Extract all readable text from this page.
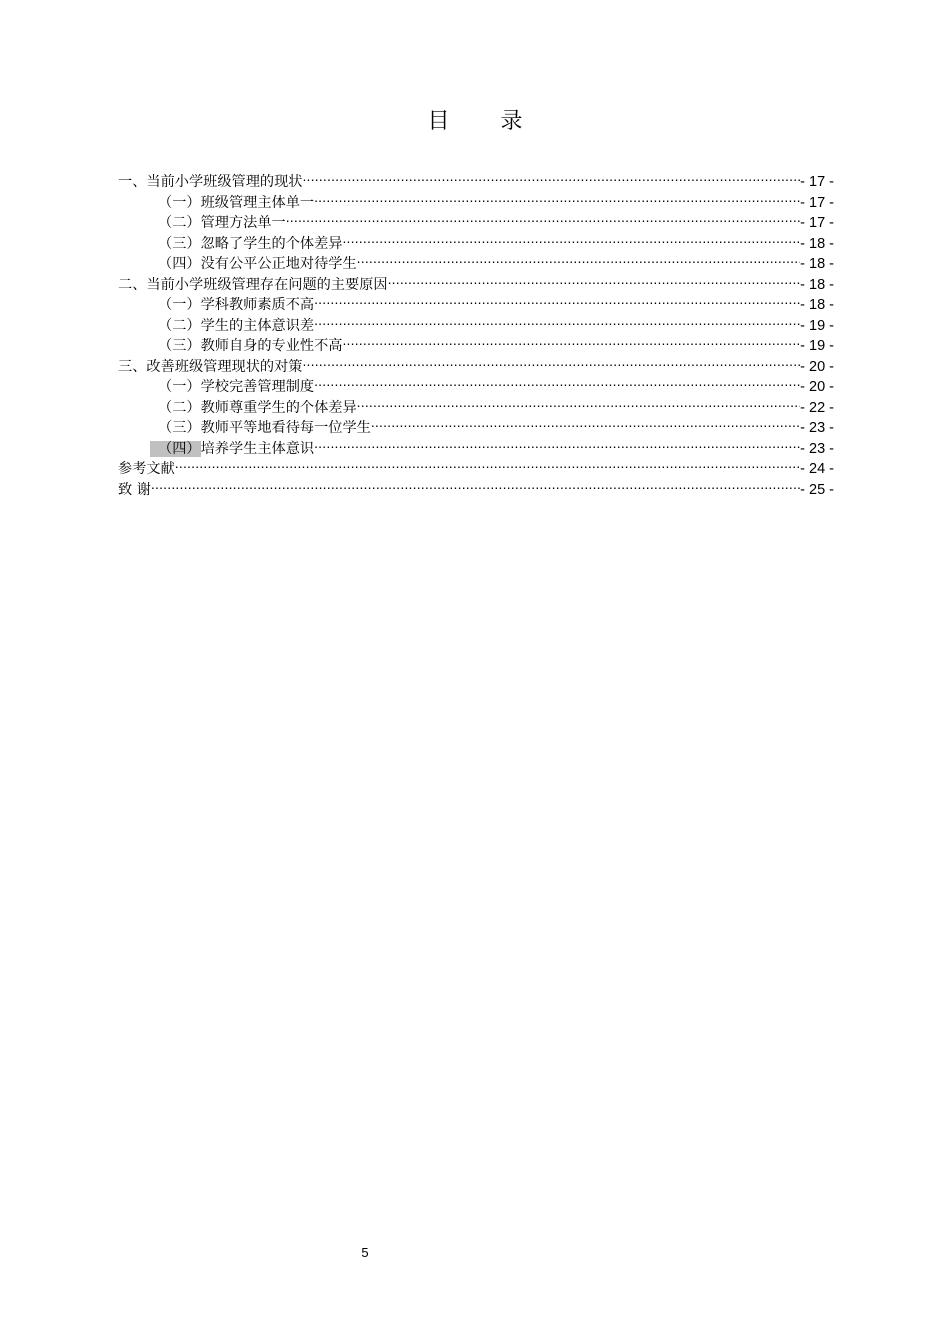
目 录
一、当前小学班级管理的现状 .....	- 17 -
（一）班级管理主体单一 .....	- 17 -
（二）管理方法单一 .....	- 17 -
（三）忽略了学生的个体差异 .....	- 18 -
（四）没有公平公正地对待学生 .....	- 18 -
二、当前小学班级管理存在问题的主要原因 .....	- 18 -
（一）学科教师素质不高 .....	- 18 -
（二）学生的主体意识差 .....	- 19 -
（三）教师自身的专业性不高 .....	- 19 -
三、改善班级管理现状的对策 .....	- 20 -
（一）学校完善管理制度 .....	- 20 -
（二）教师尊重学生的个体差异 .....	- 22 -
（三）教师平等地看待每一位学生 .....	- 23 -
（四）培养学生主体意识 .....	- 23 -
参考文献 .....	- 24 -
致 谢 .....	- 25 -
5
